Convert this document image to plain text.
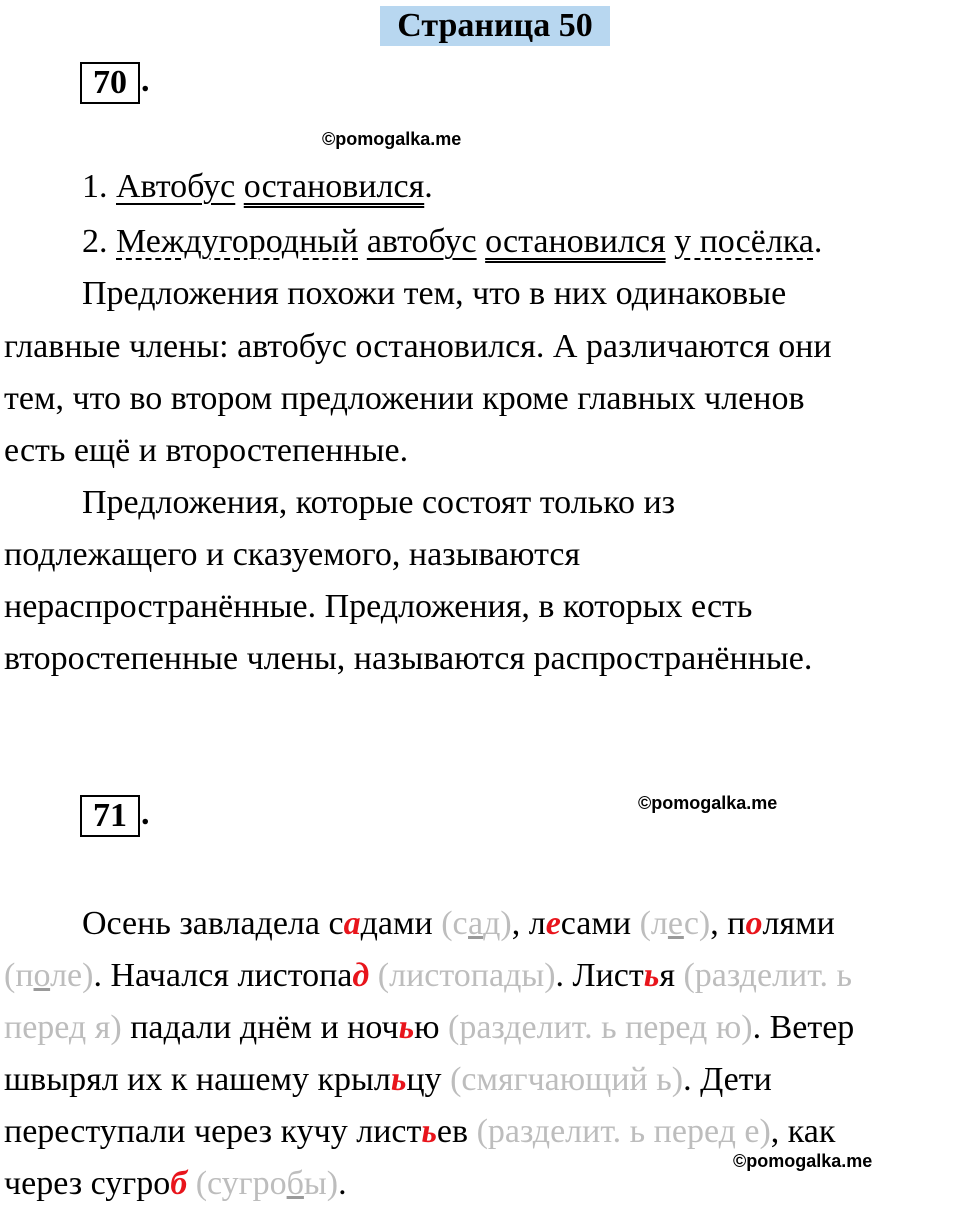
Страница 50
70 .
©pomogalka.me
1. Автобус остановился.
2. Междугородный автобус остановился у посёлка.
Предложения похожи тем, что в них одинаковые
главные члены: автобус остановился. А различаются они
тем, что во втором предложении кроме главных членов
есть ещё и второстепенные.
Предложения, которые состоят только из
подлежащего и сказуемого, называются
нераспространённые. Предложения, в которых есть
второстепенные члены, называются распространённые.
71 .	©pomogalka.me
Осень завладела садами (сад), лесами (лес), полями
(поле). Начался листопад (листопады). Листья (разделит. ь
перед я) падали днём и ночью (разделит. ь перед ю). Ветер
швырял их к нашему крыльцу (смягчающий ь). Дети
переступали через кучу листьев (разделит. ь перед е), как
©pomogalka.me
через сугроб (сугробы).
